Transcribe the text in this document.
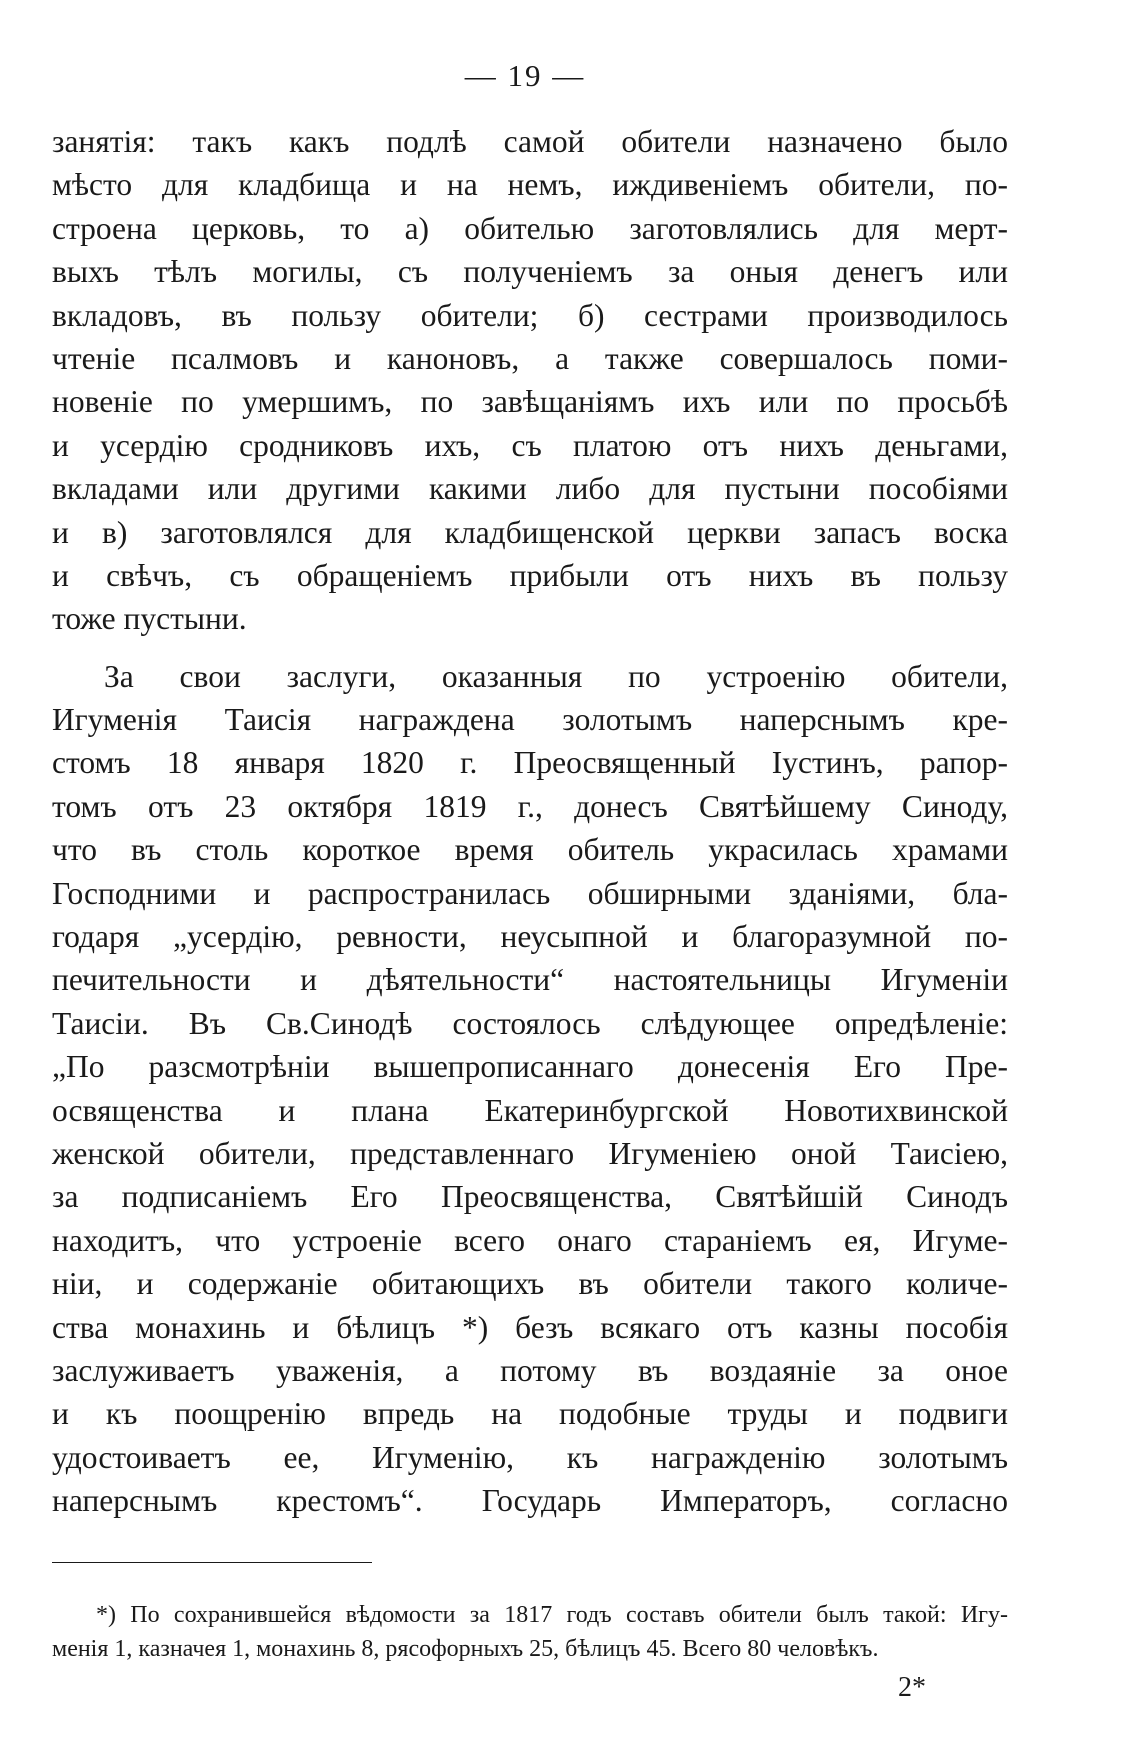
— 19 —
занятія: такъ какъ подлѣ самой обители назначено было
мѣсто для кладбища и на немъ, иждивеніемъ обители, по-
строена церковь, то а) обителью заготовлялись для мерт-
выхъ тѣлъ могилы, съ полученіемъ за оныя денегъ или
вкладовъ, въ пользу обители; б) сестрами производилось
чтеніе псалмовъ и каноновъ, а также совершалось поми-
новеніе по умершимъ, по завѣщаніямъ ихъ или по просьбѣ
и усердію сродниковъ ихъ, съ платою отъ нихъ деньгами,
вкладами или другими какими либо для пустыни пособіями
и в) заготовлялся для кладбищенской церкви запасъ воска
и свѣчъ, съ обращеніемъ прибыли отъ нихъ въ пользу
тоже пустыни.
За свои заслуги, оказанныя по устроенію обители,
Игуменія Таисія награждена золотымъ наперснымъ кре-
стомъ 18 января 1820 г. Преосвященный Іустинъ, рапор-
томъ отъ 23 октября 1819 г., донесъ Святѣйшему Синоду,
что въ столь короткое время обитель украсилась храмами
Господними и распространилась обширными зданіями, бла-
годаря „усердію, ревности, неусыпной и благоразумной по-
печительности и дѣятельности“ настоятельницы Игуменіи
Таисіи. Въ Св.Синодѣ состоялось слѣдующее опредѣленіе:
„По разсмотрѣніи вышепрописаннаго донесенія Его Пре-
освященства и плана Екатеринбургской Новотихвинской
женской обители, представленнаго Игуменіею оной Таисіею,
за подписаніемъ Его Преосвященства, Святѣйшій Синодъ
находитъ, что устроеніе всего онаго стараніемъ ея, Игуме-
ніи, и содержаніе обитающихъ въ обители такого количе-
ства монахинь и бѣлицъ *) безъ всякаго отъ казны пособія
заслуживаетъ уваженія, а потому въ воздаяніе за оное
и къ поощренію впредь на подобные труды и подвиги
удостоиваетъ ее, Игуменію, къ награжденію золотымъ
наперснымъ крестомъ“. Государь Императоръ, согласно
*) По сохранившейся вѣдомости за 1817 годъ составъ обители былъ такой: Игу-
менія 1, казначея 1, монахинь 8, рясофорныхъ 25, бѣлицъ 45. Всего 80 человѣкъ.
2*
